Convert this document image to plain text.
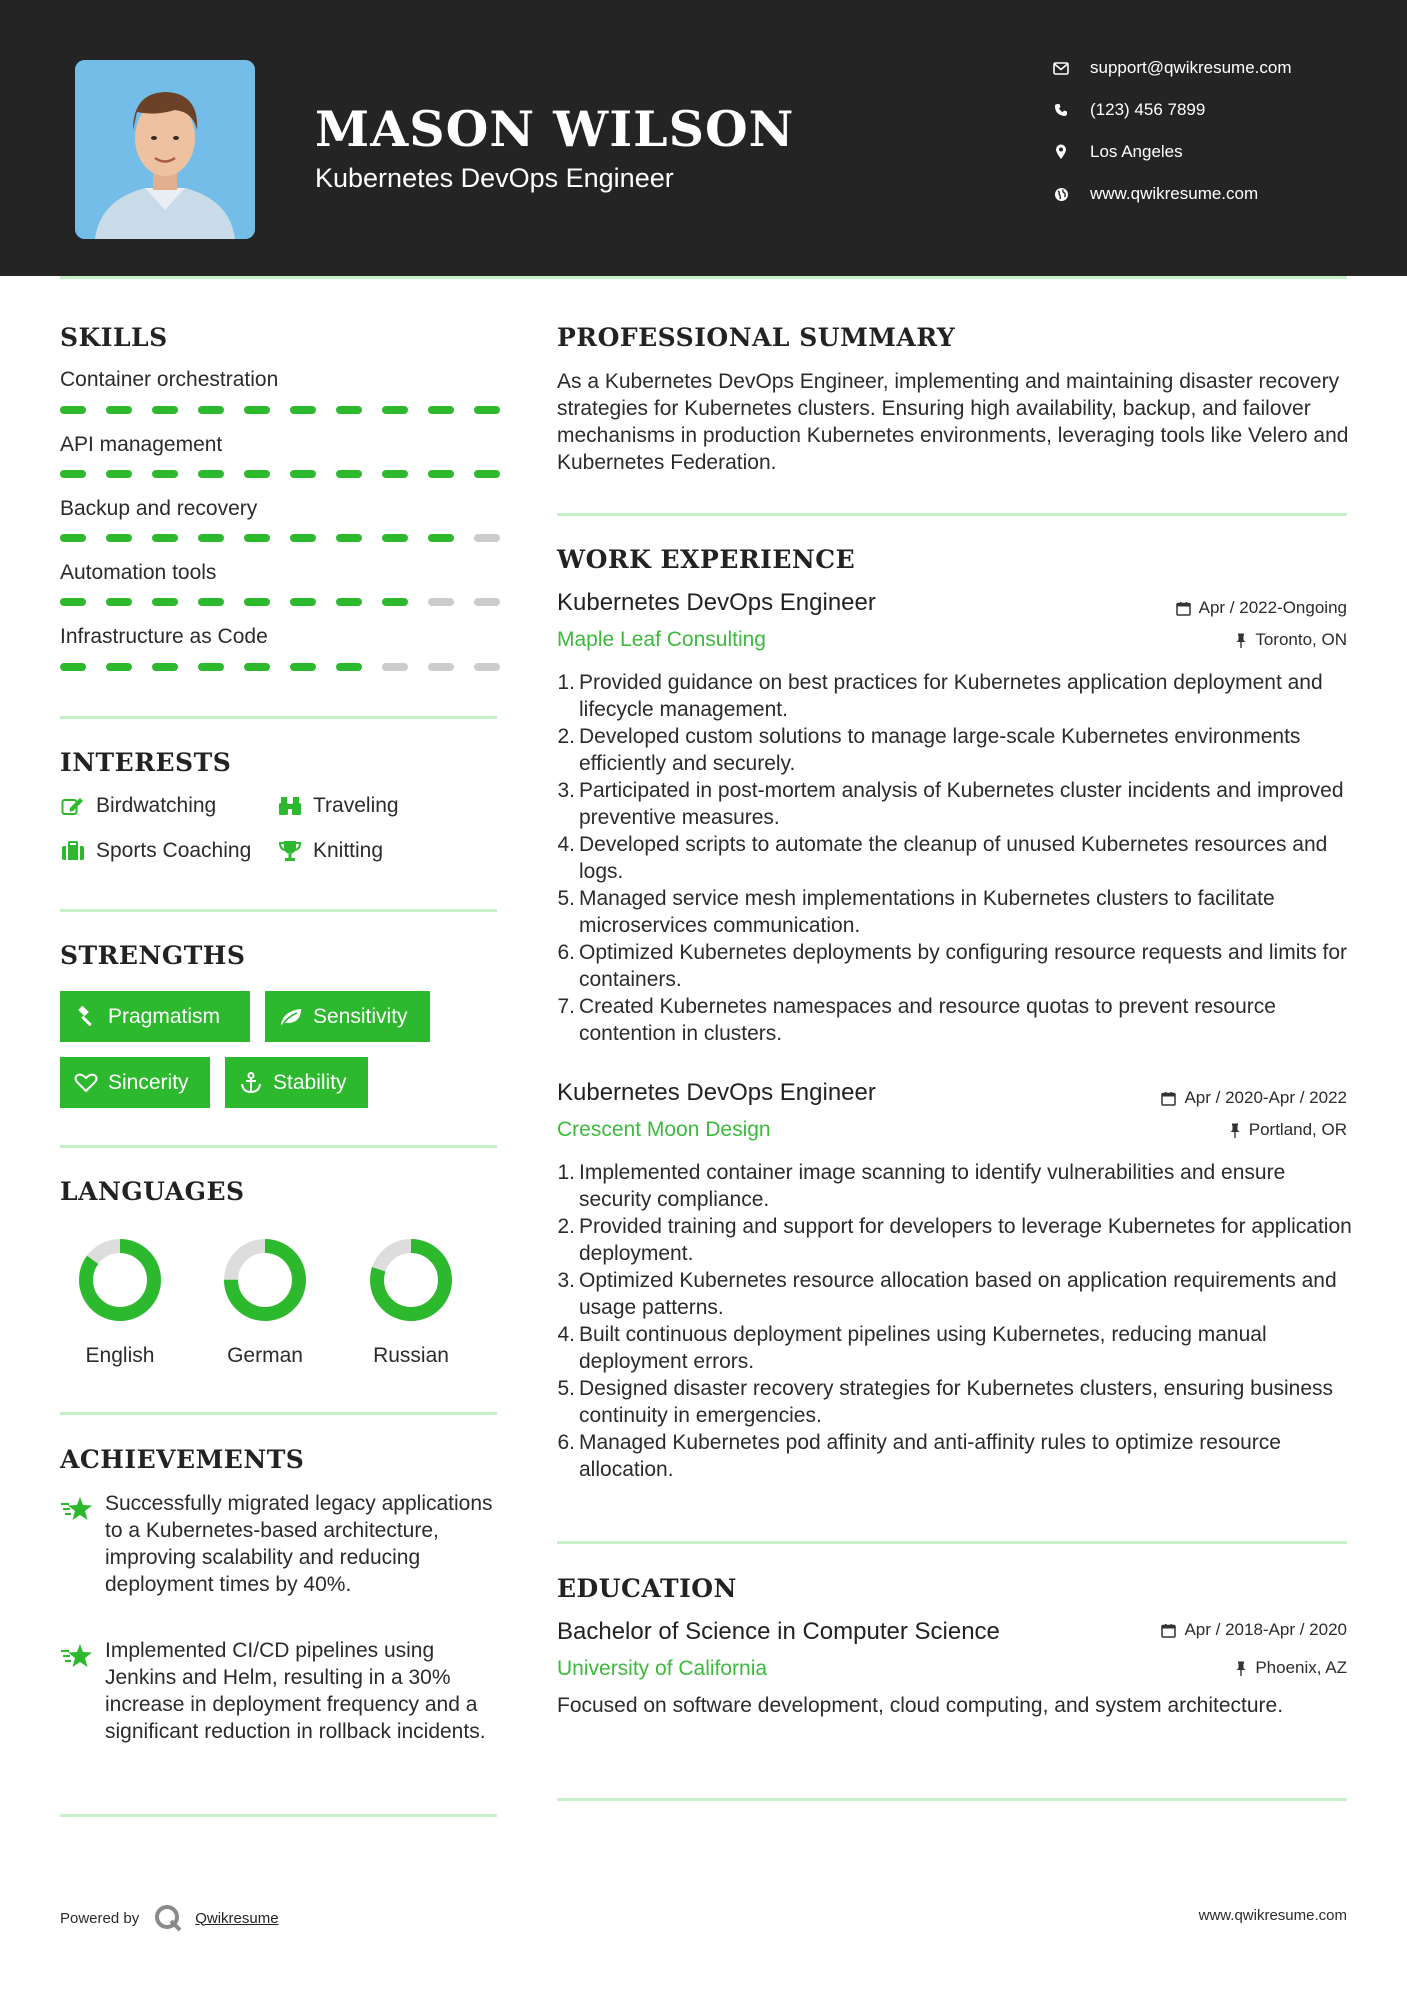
MASON WILSON
Kubernetes DevOps Engineer
support@qwikresume.com
(123) 456 7899
Los Angeles
www.qwikresume.com
SKILLS
Container orchestration
API management
Backup and recovery
Automation tools
Infrastructure as Code
INTERESTS
Birdwatching	Traveling
Sports Coaching	Knitting
STRENGTHS
Pragmatism	Sensitivity
Sincerity	Stability
LANGUAGES
English	German	Russian
ACHIEVEMENTS
Successfully migrated legacy applications to a Kubernetes-based architecture, improving scalability and reducing deployment times by 40%.
Implemented CI/CD pipelines using Jenkins and Helm, resulting in a 30% increase in deployment frequency and a significant reduction in rollback incidents.
PROFESSIONAL SUMMARY
As a Kubernetes DevOps Engineer, implementing and maintaining disaster recovery strategies for Kubernetes clusters. Ensuring high availability, backup, and failover mechanisms in production Kubernetes environments, leveraging tools like Velero and Kubernetes Federation.
WORK EXPERIENCE
Kubernetes DevOps Engineer	Apr / 2022-Ongoing
Maple Leaf Consulting	Toronto, ON
1. Provided guidance on best practices for Kubernetes application deployment and lifecycle management.
2. Developed custom solutions to manage large-scale Kubernetes environments efficiently and securely.
3. Participated in post-mortem analysis of Kubernetes cluster incidents and improved preventive measures.
4. Developed scripts to automate the cleanup of unused Kubernetes resources and logs.
5. Managed service mesh implementations in Kubernetes clusters to facilitate microservices communication.
6. Optimized Kubernetes deployments by configuring resource requests and limits for containers.
7. Created Kubernetes namespaces and resource quotas to prevent resource contention in clusters.
Kubernetes DevOps Engineer	Apr / 2020-Apr / 2022
Crescent Moon Design	Portland, OR
1. Implemented container image scanning to identify vulnerabilities and ensure security compliance.
2. Provided training and support for developers to leverage Kubernetes for application deployment.
3. Optimized Kubernetes resource allocation based on application requirements and usage patterns.
4. Built continuous deployment pipelines using Kubernetes, reducing manual deployment errors.
5. Designed disaster recovery strategies for Kubernetes clusters, ensuring business continuity in emergencies.
6. Managed Kubernetes pod affinity and anti-affinity rules to optimize resource allocation.
EDUCATION
Bachelor of Science in Computer Science	Apr / 2018-Apr / 2020
University of California	Phoenix, AZ
Focused on software development, cloud computing, and system architecture.
Powered by	Qwikresume	www.qwikresume.com
